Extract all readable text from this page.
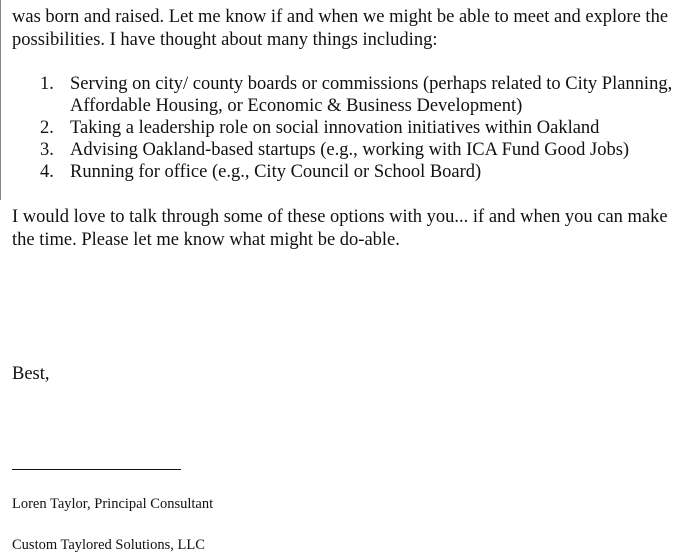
was born and raised. Let me know if and when we might be able to meet and explore the possibilities. I have thought about many things including:

1. Serving on city/ county boards or commissions (perhaps related to City Planning, Affordable Housing, or Economic & Business Development)
2. Taking a leadership role on social innovation initiatives within Oakland
3. Advising Oakland-based startups (e.g., working with ICA Fund Good Jobs)
4. Running for office (e.g., City Council or School Board)

I would love to talk through some of these options with you... if and when you can make the time. Please let me know what might be do-able.

Best,
Loren Taylor, Principal Consultant
Custom Taylored Solutions, LLC
